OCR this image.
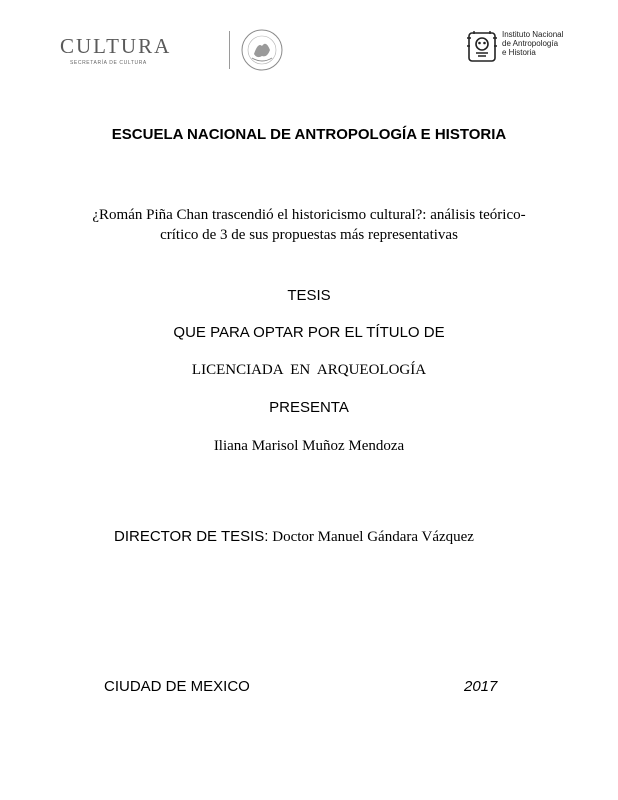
CULTURA
SECRETARÍA DE CULTURA
Instituto Nacional
de Antropología
e Historia
ESCUELA NACIONAL DE ANTROPOLOGÍA E HISTORIA
¿Román Piña Chan trascendió el historicismo cultural?: análisis teórico-
crítico de 3 de sus propuestas más representativas
TESIS
QUE PARA OPTAR POR EL TÍTULO DE
LICENCIADA  EN  ARQUEOLOGÍA
PRESENTA
Iliana Marisol Muñoz Mendoza
DIRECTOR DE TESIS: Doctor Manuel Gándara Vázquez
CIUDAD DE MEXICO	2017
